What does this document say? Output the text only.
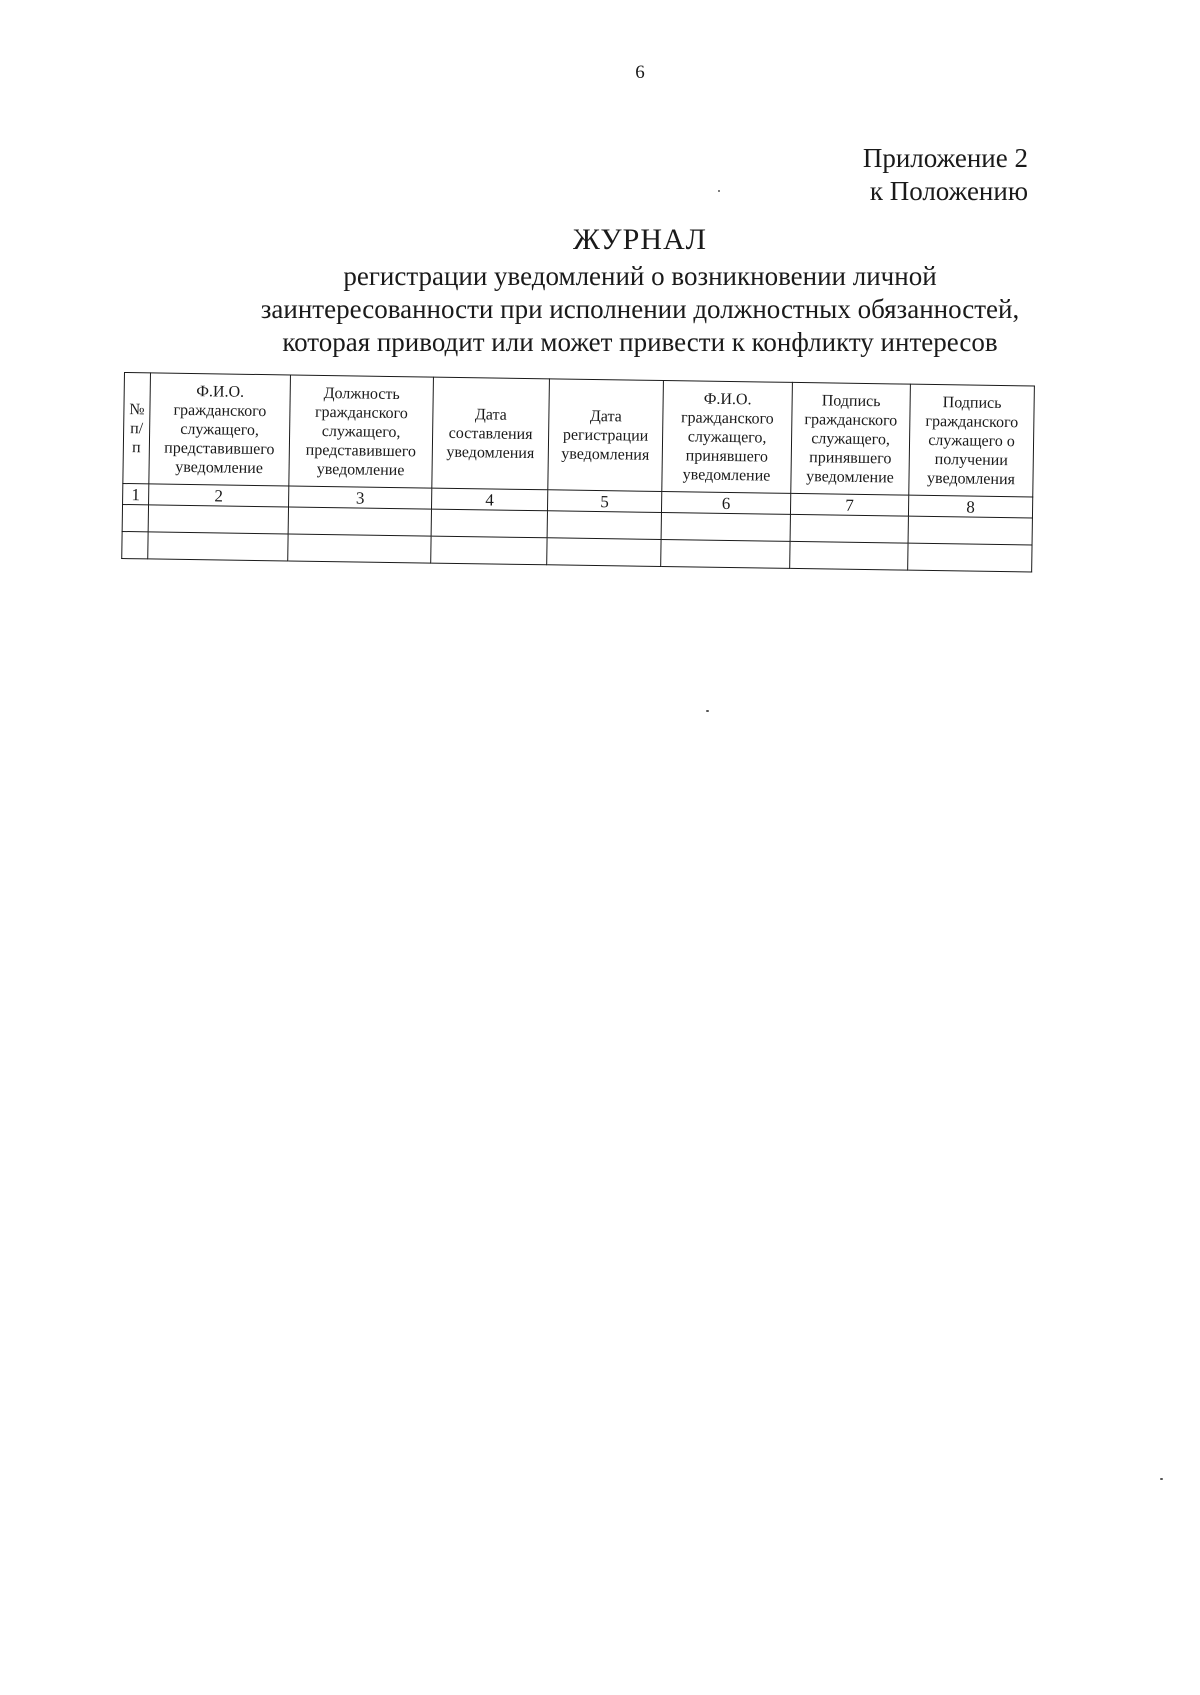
6
Приложение 2
к Положению
ЖУРНАЛ
регистрации уведомлений о возникновении личной
заинтересованности при исполнении должностных обязанностей,
которая приводит или может привести к конфликту интересов
№ п/п	Ф.И.О. гражданского служащего, представившего уведомление	Должность гражданского служащего, представившего уведомление	Дата составления уведомления	Дата регистрации уведомления	Ф.И.О. гражданского служащего, принявшего уведомление	Подпись гражданского служащего, принявшего уведомление	Подпись гражданского служащего о получении уведомления
1	2	3	4	5	6	7	8
